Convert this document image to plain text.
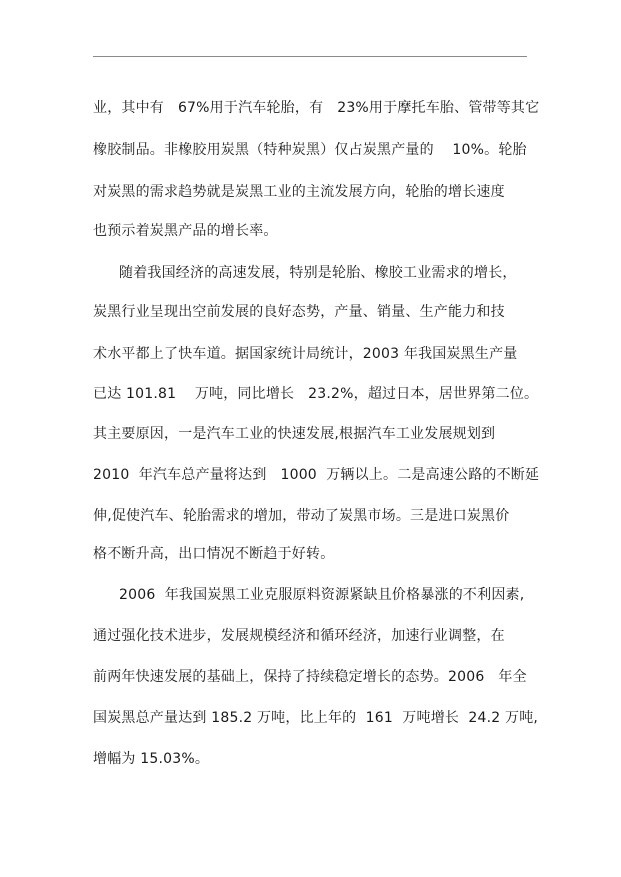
业，其中有   67%用于汽车轮胎，有   23%用于摩托车胎、管带等其它
橡胶制品。非橡胶用炭黑（特种炭黑）仅占炭黑产量的    10%。轮胎
对炭黑的需求趋势就是炭黑工业的主流发展方向，轮胎的增长速度
也预示着炭黑产品的增长率。
随着我国经济的高速发展，特别是轮胎、橡胶工业需求的增长，
炭黑行业呈现出空前发展的良好态势，产量、销量、生产能力和技
术水平都上了快车道。据国家统计局统计，2003 年我国炭黑生产量
已达 101.81    万吨，同比增长   23.2%，超过日本，居世界第二位。
其主要原因，一是汽车工业的快速发展,根据汽车工业发展规划到
2010  年汽车总产量将达到   1000  万辆以上。二是高速公路的不断延
伸,促使汽车、轮胎需求的增加，带动了炭黑市场。三是进口炭黑价
格不断升高，出口情况不断趋于好转。
2006  年我国炭黑工业克服原料资源紧缺且价格暴涨的不利因素,
通过强化技术进步，发展规模经济和循环经济，加速行业调整，在
前两年快速发展的基础上，保持了持续稳定增长的态势。2006   年全
国炭黑总产量达到 185.2 万吨，比上年的  161  万吨增长  24.2 万吨,
增幅为 15.03%。
